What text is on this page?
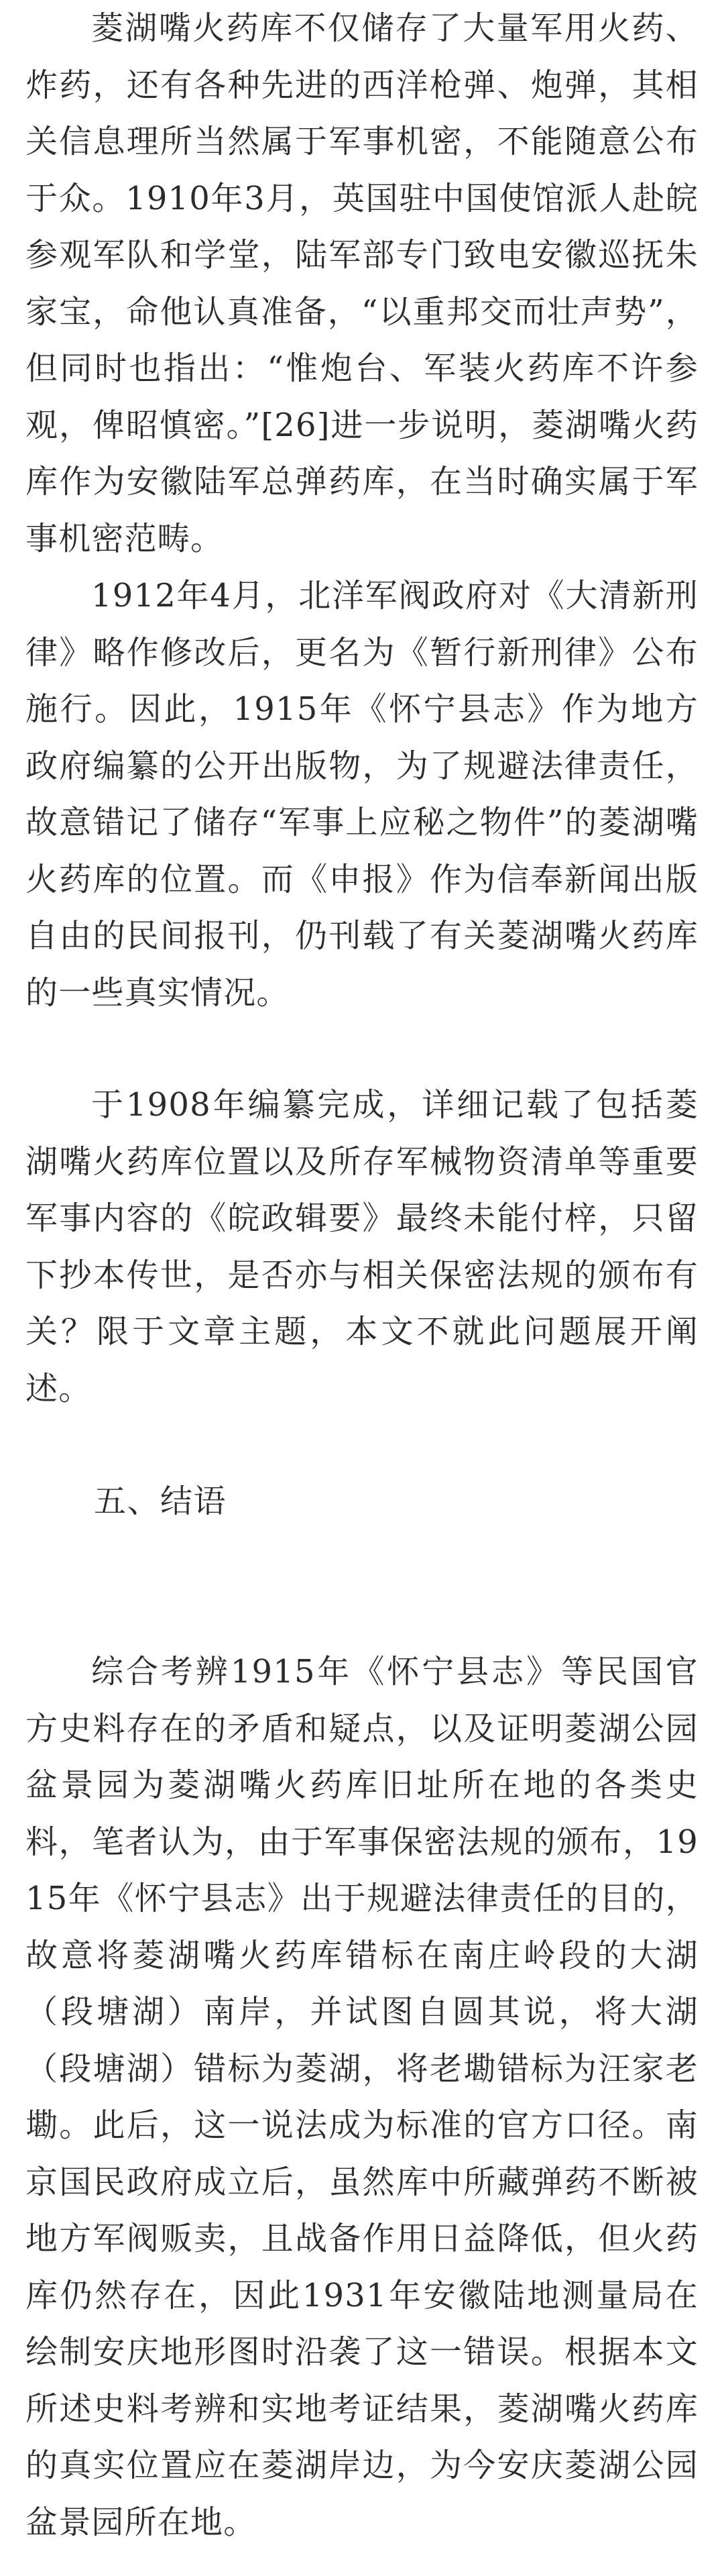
菱湖嘴火药库不仅储存了大量军用火药、炸药，还有各种先进的西洋枪弹、炮弹，其相关信息理所当然属于军事机密，不能随意公布于众。1910年3月，英国驻中国使馆派人赴皖参观军队和学堂，陆军部专门致电安徽巡抚朱家宝，命他认真准备，“以重邦交而壮声势”，但同时也指出：“惟炮台、军装火药库不许参观，俾昭慎密。”[26]进一步说明，菱湖嘴火药库作为安徽陆军总弹药库，在当时确实属于军事机密范畴。

1912年4月，北洋军阀政府对《大清新刑律》略作修改后，更名为《暂行新刑律》公布施行。因此，1915年《怀宁县志》作为地方政府编纂的公开出版物，为了规避法律责任，故意错记了储存“军事上应秘之物件”的菱湖嘴火药库的位置。而《申报》作为信奉新闻出版自由的民间报刊，仍刊载了有关菱湖嘴火药库的一些真实情况。

于1908年编纂完成，详细记载了包括菱湖嘴火药库位置以及所存军械物资清单等重要军事内容的《皖政辑要》最终未能付梓，只留下抄本传世，是否亦与相关保密法规的颁布有关？限于文章主题，本文不就此问题展开阐述。

五、结语

综合考辨1915年《怀宁县志》等民国官方史料存在的矛盾和疑点，以及证明菱湖公园盆景园为菱湖嘴火药库旧址所在地的各类史料，笔者认为，由于军事保密法规的颁布，1915年《怀宁县志》出于规避法律责任的目的，故意将菱湖嘴火药库错标在南庄岭段的大湖（段塘湖）南岸，并试图自圆其说，将大湖（段塘湖）错标为菱湖，将老墈错标为汪家老墈。此后，这一说法成为标准的官方口径。南京国民政府成立后，虽然库中所藏弹药不断被地方军阀贩卖，且战备作用日益降低，但火药库仍然存在，因此1931年安徽陆地测量局在绘制安庆地形图时沿袭了这一错误。根据本文所述史料考辨和实地考证结果，菱湖嘴火药库的真实位置应在菱湖岸边，为今安庆菱湖公园盆景园所在地。
